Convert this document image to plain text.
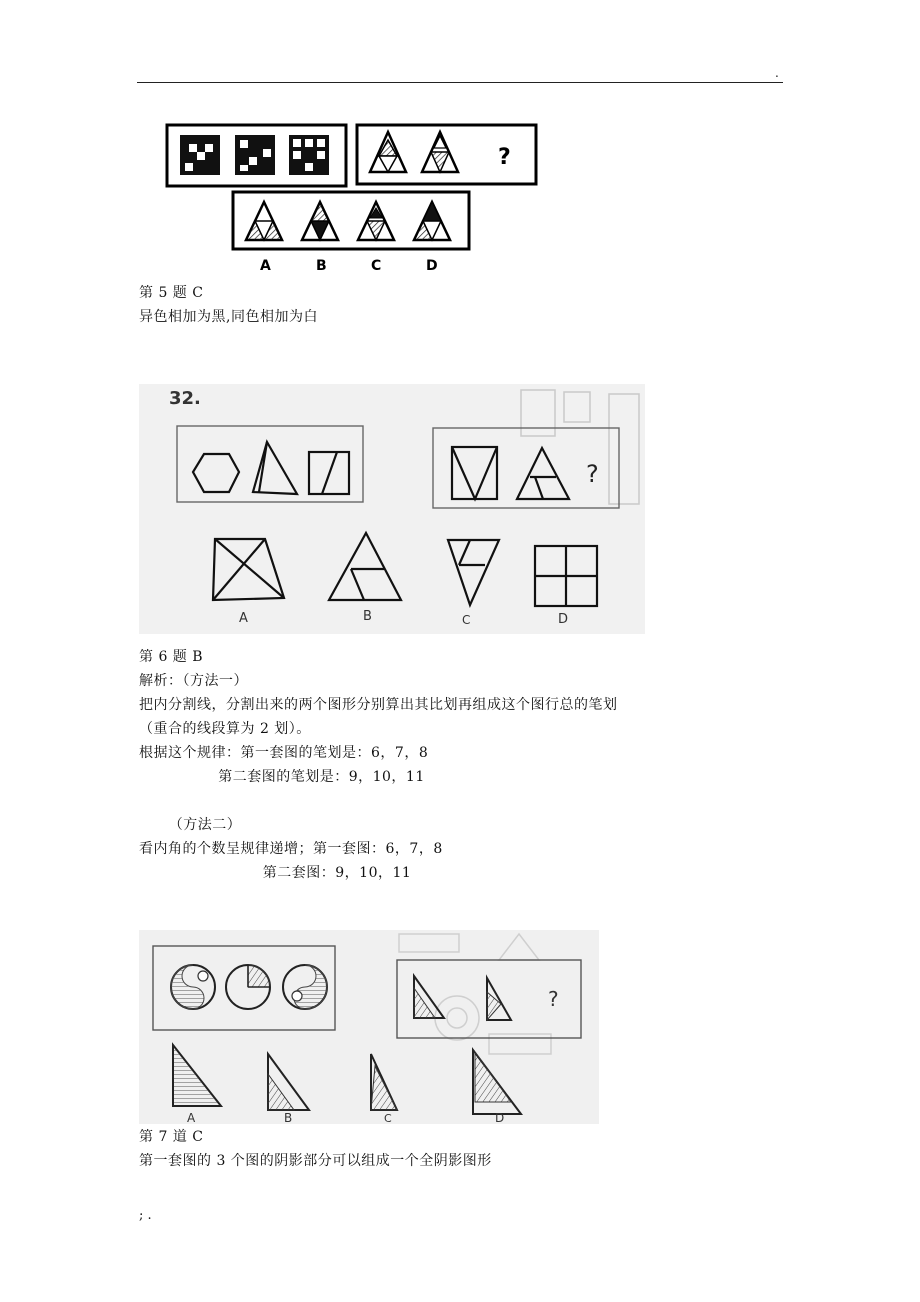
.
?
A	B	C	D
第 5 题 C
异色相加为黑,同色相加为白
32.
?
A	B	C	D
第 6 题 B
解析：（方法一）
把内分割线，分割出来的两个图形分别算出其比划再组成这个图行总的笔划
（重合的线段算为 2 划）。
根据这个规律：第一套图的笔划是：6，7，8
第二套图的笔划是：9，10，11
（方法二）
看内角的个数呈规律递增；第一套图：6，7，8
第二套图：9，10，11
?
A	B	C	D
第 7 道 C
第一套图的 3 个图的阴影部分可以组成一个全阴影图形
; .
